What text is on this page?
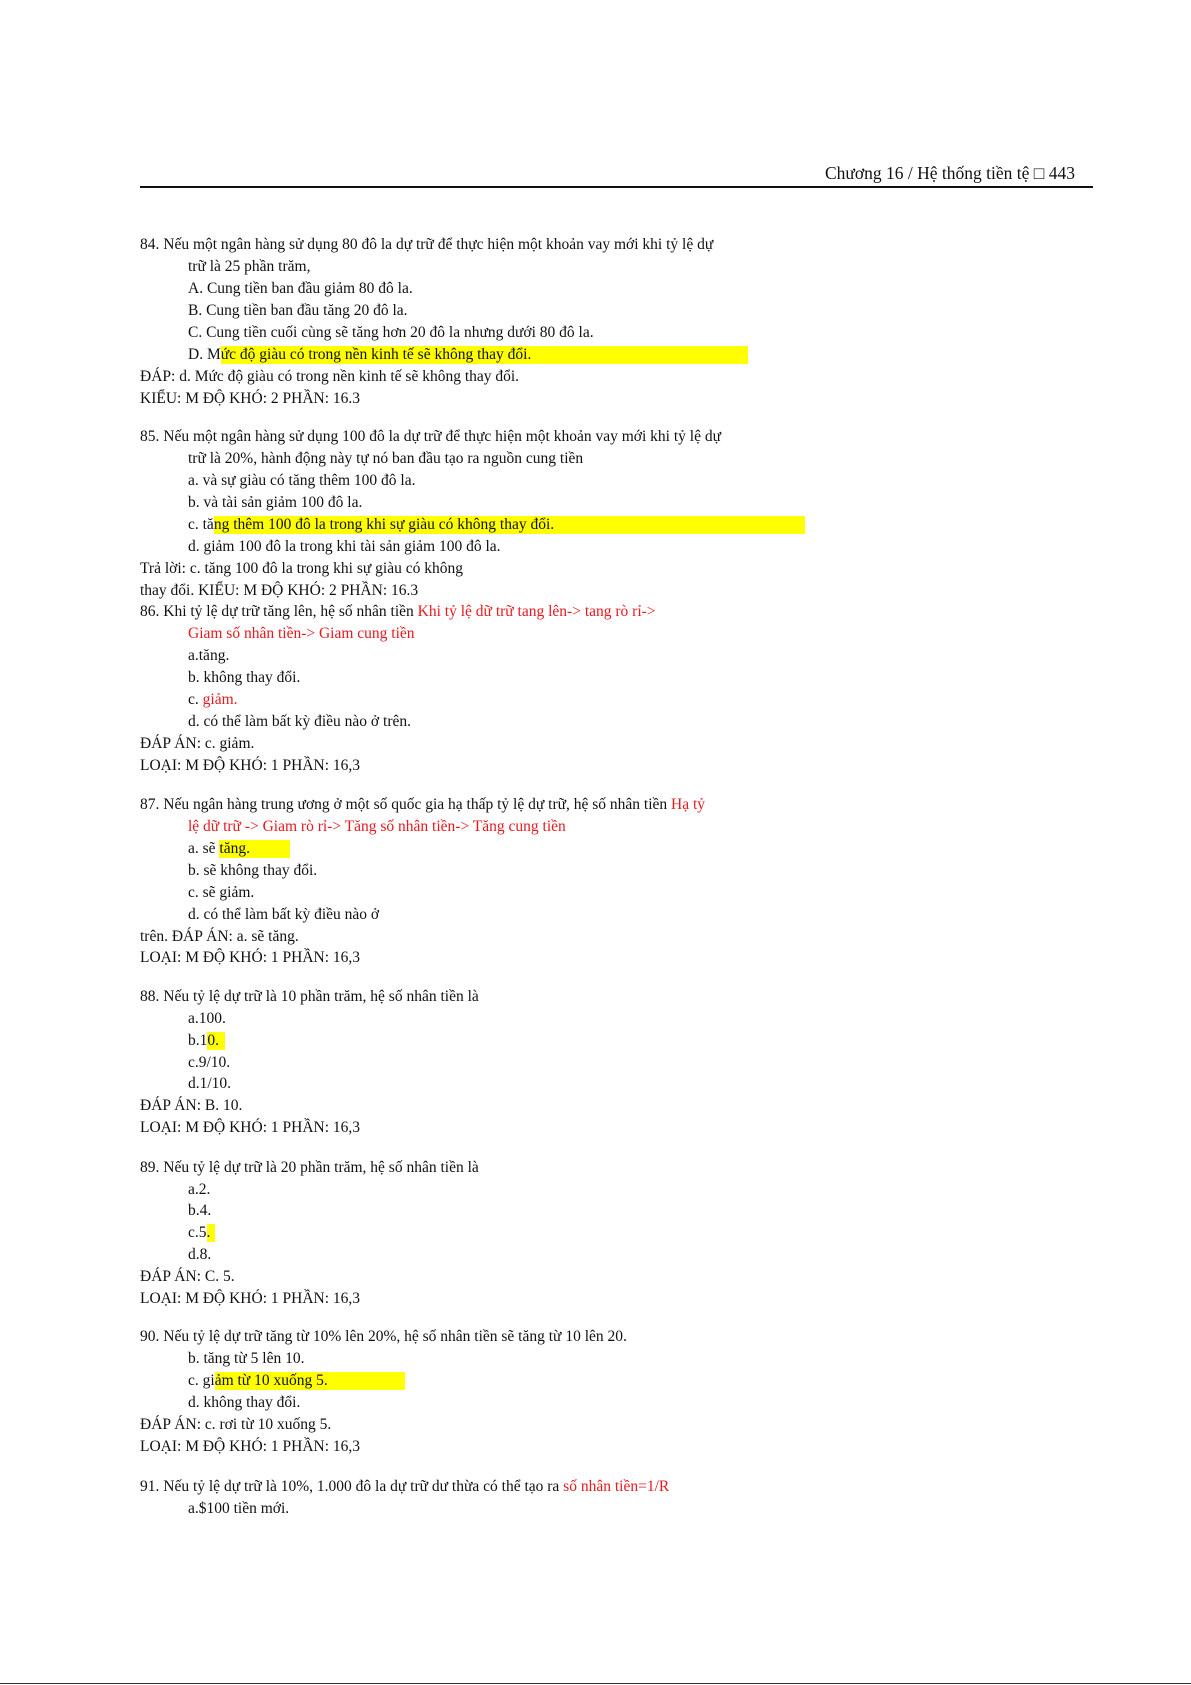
Chương 16 / Hệ thống tiền tệ □ 443
84. Nếu một ngân hàng sử dụng 80 đô la dự trữ để thực hiện một khoản vay mới khi tỷ lệ dự
trữ là 25 phần trăm,
A. Cung tiền ban đầu giảm 80 đô la.
B. Cung tiền ban đầu tăng 20 đô la.
C. Cung tiền cuối cùng sẽ tăng hơn 20 đô la nhưng dưới 80 đô la.
D. Mức độ giàu có trong nền kinh tế sẽ không thay đổi.
ĐÁP: d. Mức độ giàu có trong nền kinh tế sẽ không thay đổi.
KIỂU: M ĐỘ KHÓ: 2 PHẦN: 16.3
85. Nếu một ngân hàng sử dụng 100 đô la dự trữ để thực hiện một khoản vay mới khi tỷ lệ dự
trữ là 20%, hành động này tự nó ban đầu tạo ra nguồn cung tiền
a. và sự giàu có tăng thêm 100 đô la.
b. và tài sản giảm 100 đô la.
c. tăng thêm 100 đô la trong khi sự giàu có không thay đổi.
d. giảm 100 đô la trong khi tài sản giảm 100 đô la.
Trả lời: c. tăng 100 đô la trong khi sự giàu có không
thay đổi. KIỂU: M ĐỘ KHÓ: 2 PHẦN: 16.3
86. Khi tỷ lệ dự trữ tăng lên, hệ số nhân tiền Khi tỷ lệ dữ trữ tang lên-> tang rò rỉ->
Giam số nhân tiền-> Giam cung tiền
a.tăng.
b. không thay đổi.
c. giảm.
d. có thể làm bất kỳ điều nào ở trên.
ĐÁP ÁN: c. giảm.
LOẠI: M ĐỘ KHÓ: 1 PHẦN: 16,3
87. Nếu ngân hàng trung ương ở một số quốc gia hạ thấp tỷ lệ dự trữ, hệ số nhân tiền Hạ tỷ
lệ dữ trữ -> Giam rò rỉ-> Tăng số nhân tiền-> Tăng cung tiền
a. sẽ tăng.
b. sẽ không thay đổi.
c. sẽ giảm.
d. có thể làm bất kỳ điều nào ở
trên. ĐÁP ÁN: a. sẽ tăng.
LOẠI: M ĐỘ KHÓ: 1 PHẦN: 16,3
88. Nếu tỷ lệ dự trữ là 10 phần trăm, hệ số nhân tiền là
a.100.
b.10.
c.9/10.
d.1/10.
ĐÁP ÁN: B. 10.
LOẠI: M ĐỘ KHÓ: 1 PHẦN: 16,3
89. Nếu tỷ lệ dự trữ là 20 phần trăm, hệ số nhân tiền là
a.2.
b.4.
c.5.
d.8.
ĐÁP ÁN: C. 5.
LOẠI: M ĐỘ KHÓ: 1 PHẦN: 16,3
90. Nếu tỷ lệ dự trữ tăng từ 10% lên 20%, hệ số nhân tiền sẽ tăng từ 10 lên 20.
b. tăng từ 5 lên 10.
c. giảm từ 10 xuống 5.
d. không thay đổi.
ĐÁP ÁN: c. rơi từ 10 xuống 5.
LOẠI: M ĐỘ KHÓ: 1 PHẦN: 16,3
91. Nếu tỷ lệ dự trữ là 10%, 1.000 đô la dự trữ dư thừa có thể tạo ra số nhân tiền=1/R
a.$100 tiền mới.
